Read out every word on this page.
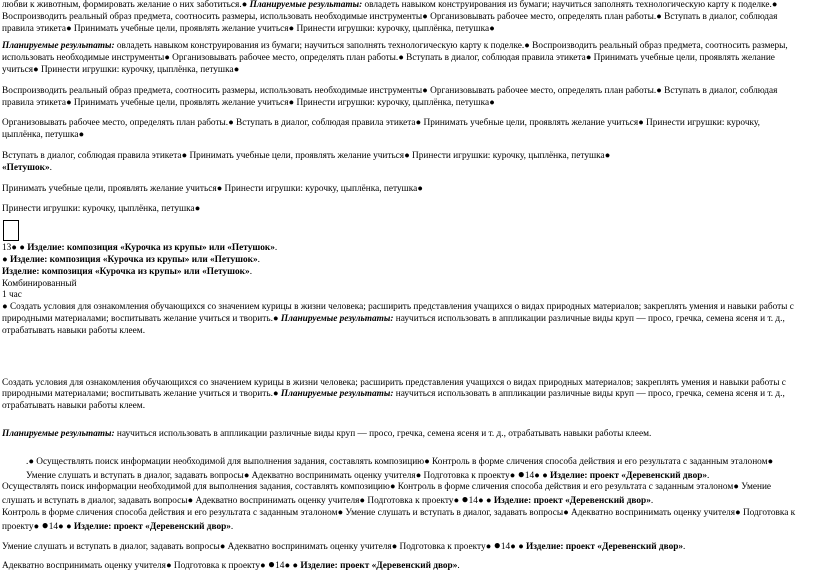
любви к животным, формировать желание о них заботиться.● Планируемые результаты: овладеть навыком конструирования из бумаги; научиться заполнять технологическую карту к поделке.● Воспроизводить реальный образ предмета, соотносить размеры, использовать необходимые инструменты● Организовывать рабочее место, определять план работы.● Вступать в диалог, соблюдая правила этикета● Принимать учебные цели, проявлять желание учиться● Принести игрушки: курочку, цыплёнка, петушка●

Планируемые результаты: овладеть навыком конструирования из бумаги; научиться заполнять технологическую карту к поделке.● Воспроизводить реальный образ предмета, соотносить размеры, использовать необходимые инструменты● Организовывать рабочее место, определять план работы.● Вступать в диалог, соблюдая правила этикета● Принимать учебные цели, проявлять желание учиться● Принести игрушки: курочку, цыплёнка, петушка●

Воспроизводить реальный образ предмета, соотносить размеры, использовать необходимые инструменты● Организовывать рабочее место, определять план работы.● Вступать в диалог, соблюдая правила этикета● Принимать учебные цели, проявлять желание учиться● Принести игрушки: курочку, цыплёнка, петушка●

Организовывать рабочее место, определять план работы.● Вступать в диалог, соблюдая правила этикета● Принимать учебные цели, проявлять желание учиться● Принести игрушки: курочку, цыплёнка, петушка●

Вступать в диалог, соблюдая правила этикета● Принимать учебные цели, проявлять желание учиться● Принести игрушки: курочку, цыплёнка, петушка●
«Петушок».

Принимать учебные цели, проявлять желание учиться● Принести игрушки: курочку, цыплёнка, петушка●

Принести игрушки: курочку, цыплёнка, петушка●

13● ● Изделие: композиция «Курочка из крупы» или «Петушок».

● Изделие: композиция «Курочка из крупы» или «Петушок».

Изделие: композиция «Курочка из крупы» или «Петушок».

Комбинированный

1 час

● Создать условия для ознакомления обучающихся со значением курицы в жизни человека; расширить представления учащихся о видах природных материалов; закреплять умения и навыки работы с природными материалами; воспитывать желание учиться и творить.● Планируемые результаты: научиться использовать в аппликации различные виды круп — просо, гречка, семена ясеня и т. д., отрабатывать навыки работы клеем.

Создать условия для ознакомления обучающихся со значением курицы в жизни человека; расширить представления учащихся о видах природных материалов; закреплять умения и навыки работы с природными материалами; воспитывать желание учиться и творить.● Планируемые результаты: научиться использовать в аппликации различные виды круп — просо, гречка, семена ясеня и т. д., отрабатывать навыки работы клеем.

Планируемые результаты: научиться использовать в аппликации различные виды круп — просо, гречка, семена ясеня и т. д., отрабатывать навыки работы клеем.

.● Осуществлять поиск информации необходимой для выполнения задания, составлять композицию● Контроль в форме сличения способа действия и его результата с заданным эталоном● Умение слушать и вступать в диалог, задавать вопросы● Адекватно воспринимать оценку учителя● Подготовка к проекту● ●14● ● Изделие: проект «Деревенский двор».

Осуществлять поиск информации необходимой для выполнения задания, составлять композицию● Контроль в форме сличения способа действия и его результата с заданным эталоном● Умение слушать и вступать в диалог, задавать вопросы● Адекватно воспринимать оценку учителя● Подготовка к проекту● ●14● ● Изделие: проект «Деревенский двор».

Контроль в форме сличения способа действия и его результата с заданным эталоном● Умение слушать и вступать в диалог, задавать вопросы● Адекватно воспринимать оценку учителя● Подготовка к проекту● ●14● ● Изделие: проект «Деревенский двор».

Умение слушать и вступать в диалог, задавать вопросы● Адекватно воспринимать оценку учителя● Подготовка к проекту● ●14● ● Изделие: проект «Деревенский двор».

Адекватно воспринимать оценку учителя● Подготовка к проекту● ●14● ● Изделие: проект «Деревенский двор».
